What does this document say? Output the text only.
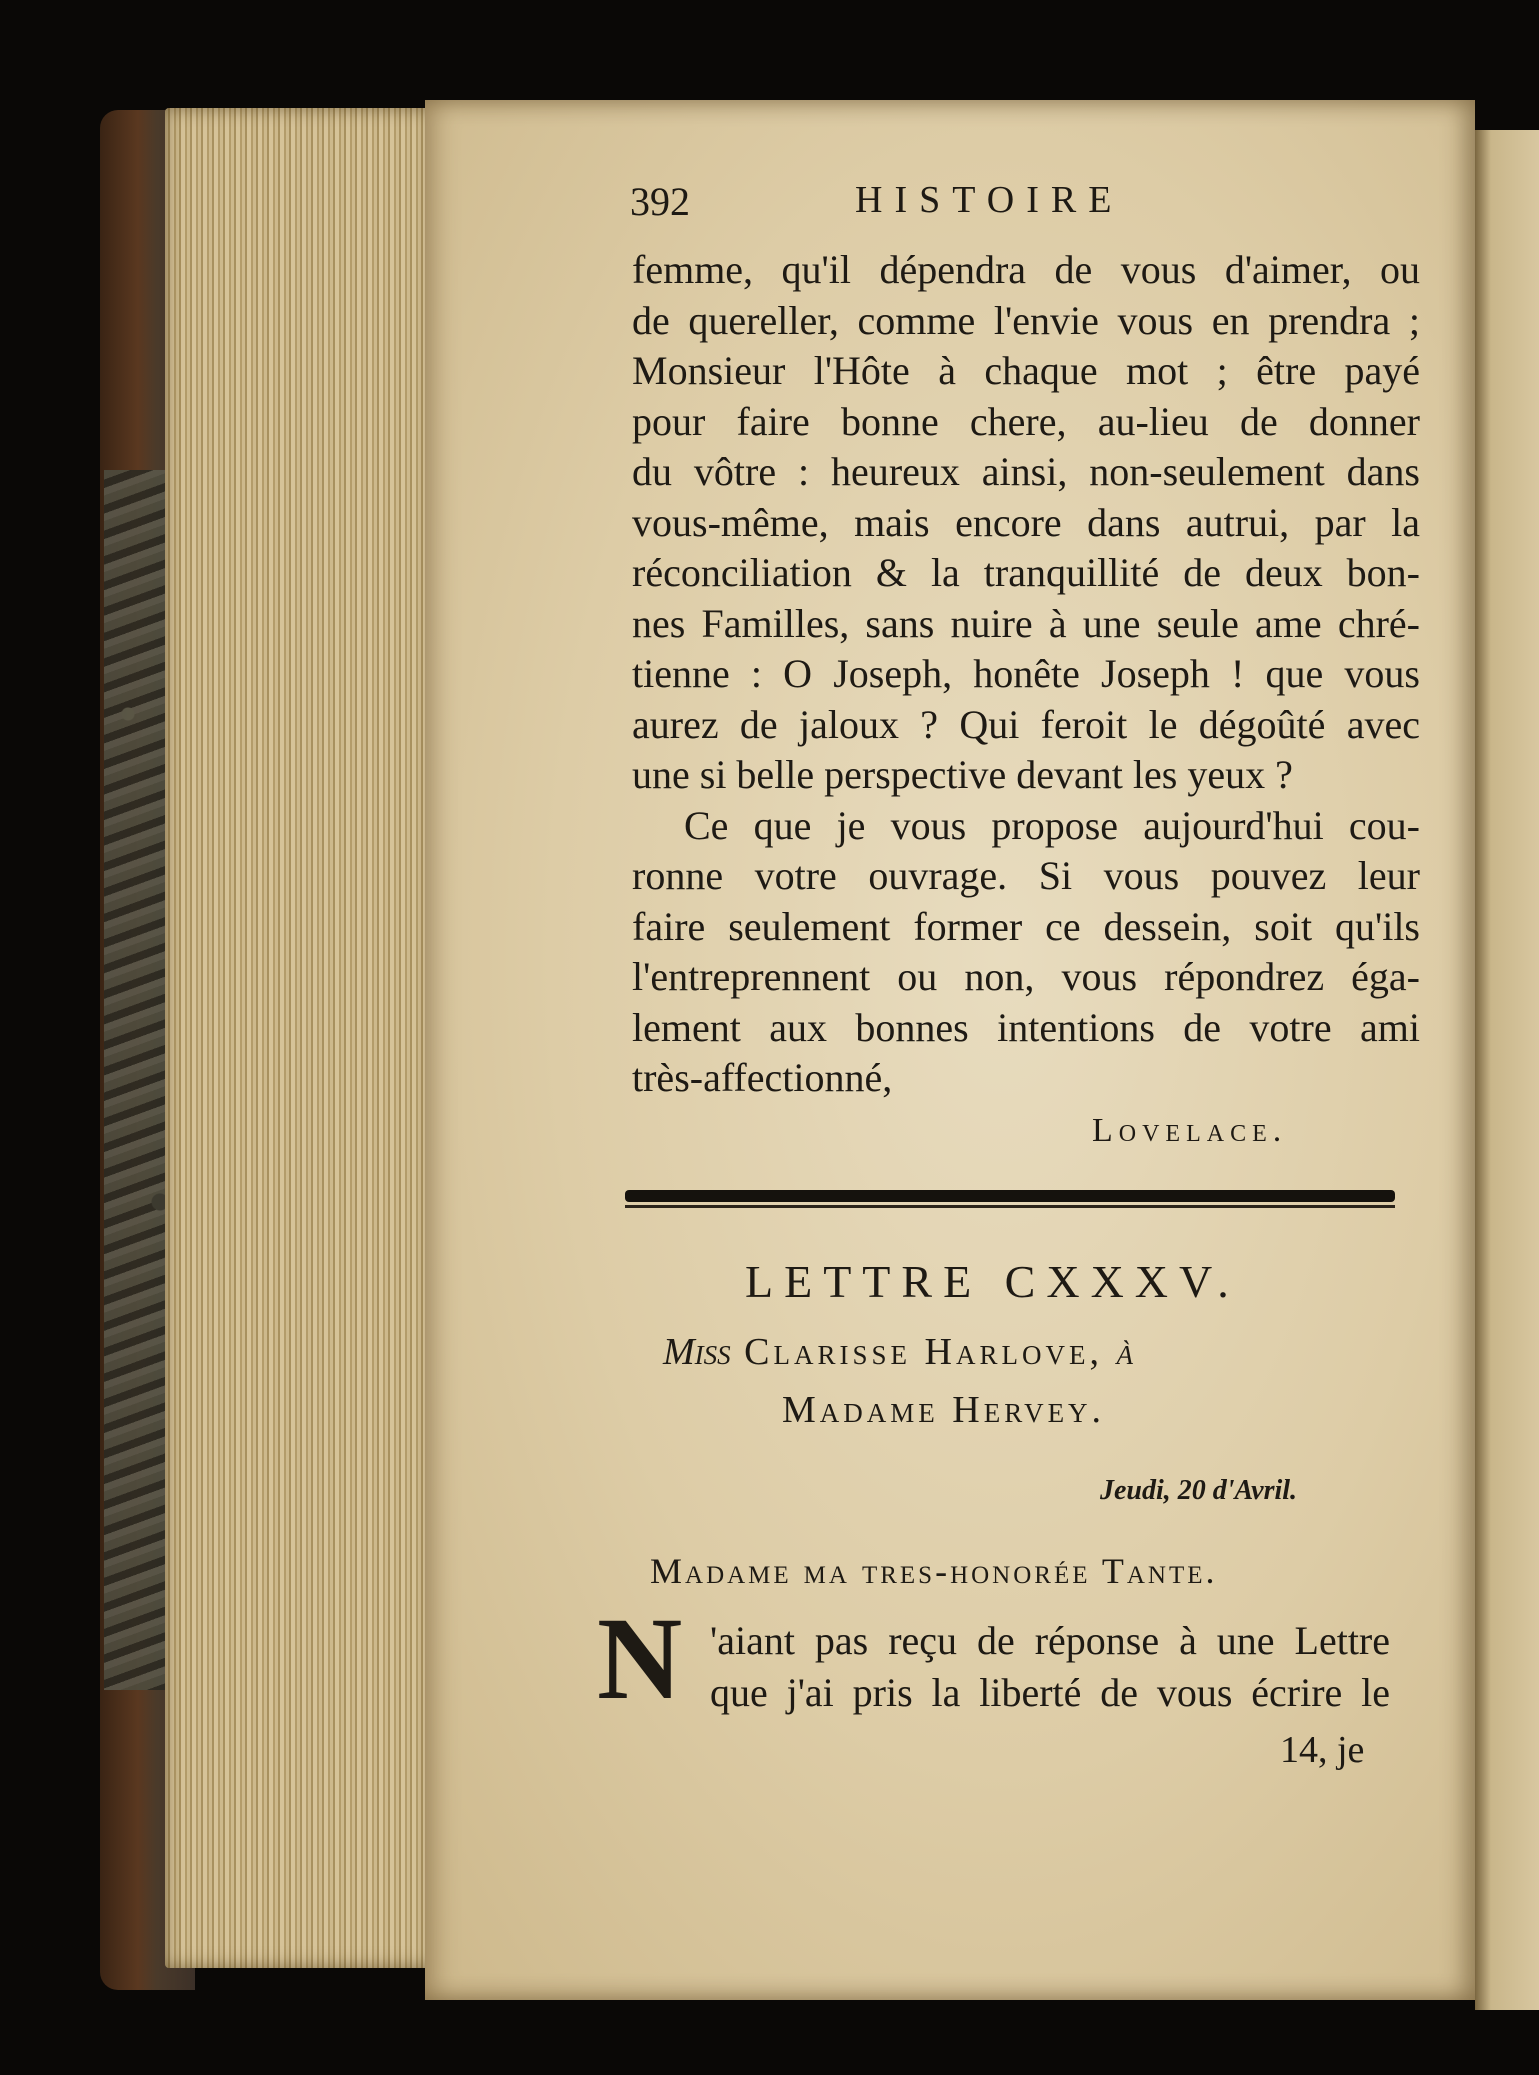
392	HISTOIRE
femme, qu'il dépendra de vous d'aimer, ou
de quereller, comme l'envie vous en prendra ;
Monsieur l'Hôte à chaque mot ; être payé
pour faire bonne chere, au-lieu de donner
du vôtre : heureux ainsi, non-seulement dans
vous-même, mais encore dans autrui, par la
réconciliation & la tranquillité de deux bon-
nes Familles, sans nuire à une seule ame chré-
tienne : O Joseph, honête Joseph ! que vous
aurez de jaloux ? Qui feroit le dégoûté avec
une si belle perspective devant les yeux ?
Ce que je vous propose aujourd'hui cou-
ronne votre ouvrage. Si vous pouvez leur
faire seulement former ce dessein, soit qu'ils
l'entreprennent ou non, vous répondrez éga-
lement aux bonnes intentions de votre ami
très-affectionné,
Lovelace.
LETTRE CXXXV.
Miss Clarisse Harlove, à
Madame Hervey.
Jeudi, 20 d'Avril.
Madame ma tres-honorée Tante.
N 'aiant pas reçu de réponse à une Lettre
que j'ai pris la liberté de vous écrire le
14, je
